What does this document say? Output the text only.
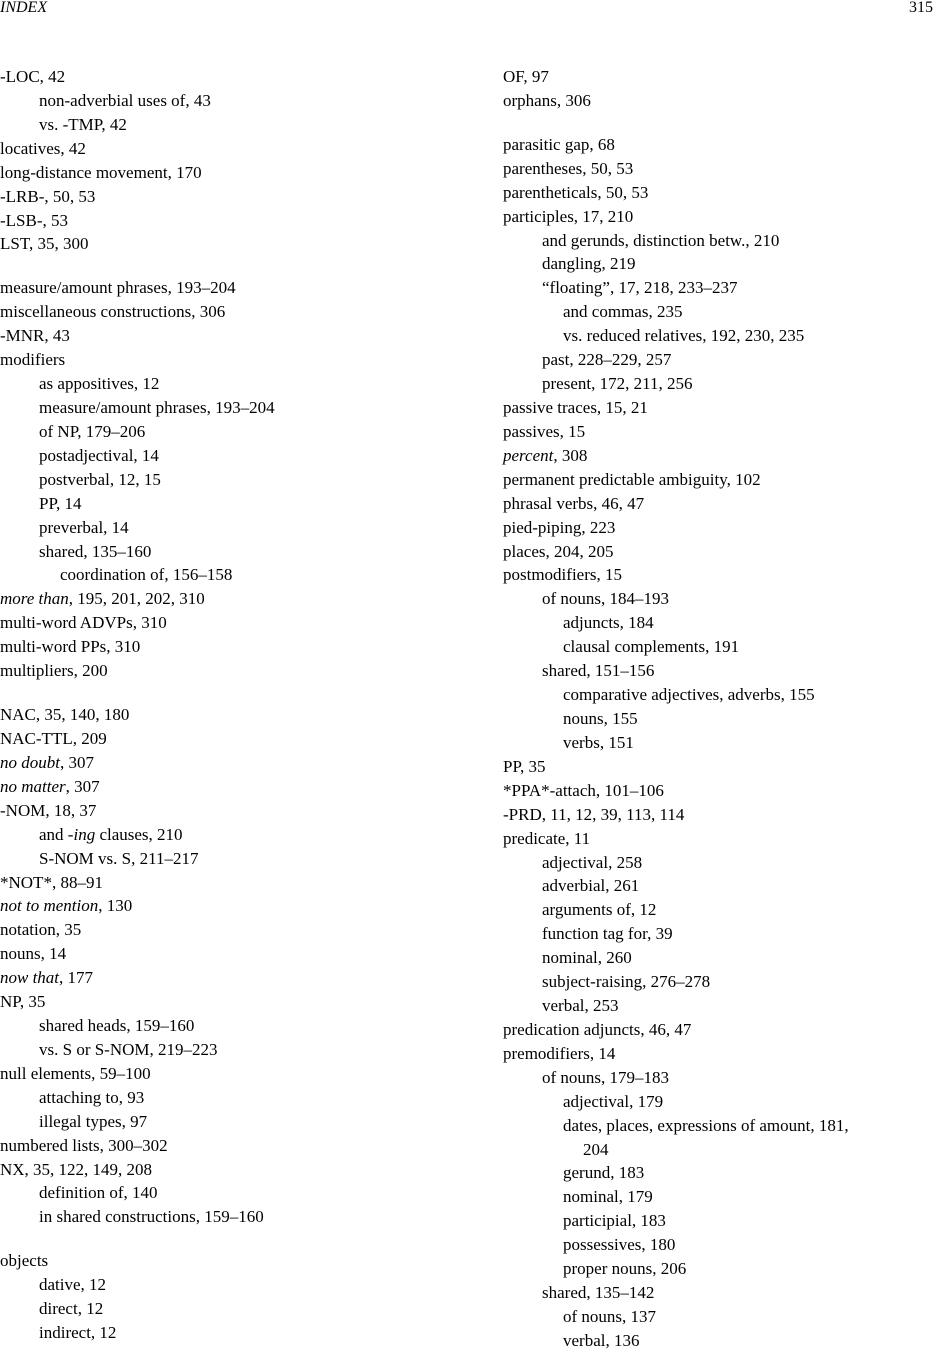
INDEX	315
-LOC, 42
non-adverbial uses of, 43
vs. -TMP, 42
locatives, 42
long-distance movement, 170
-LRB-, 50, 53
-LSB-, 53
LST, 35, 300
measure/amount phrases, 193–204
miscellaneous constructions, 306
-MNR, 43
modifiers
as appositives, 12
measure/amount phrases, 193–204
of NP, 179–206
postadjectival, 14
postverbal, 12, 15
PP, 14
preverbal, 14
shared, 135–160
coordination of, 156–158
more than, 195, 201, 202, 310
multi-word ADVPs, 310
multi-word PPs, 310
multipliers, 200
NAC, 35, 140, 180
NAC-TTL, 209
no doubt, 307
no matter, 307
-NOM, 18, 37
and -ing clauses, 210
S-NOM vs. S, 211–217
*NOT*, 88–91
not to mention, 130
notation, 35
nouns, 14
now that, 177
NP, 35
shared heads, 159–160
vs. S or S-NOM, 219–223
null elements, 59–100
attaching to, 93
illegal types, 97
numbered lists, 300–302
NX, 35, 122, 149, 208
definition of, 140
in shared constructions, 159–160
objects
dative, 12
direct, 12
indirect, 12
OF, 97
orphans, 306
parasitic gap, 68
parentheses, 50, 53
parentheticals, 50, 53
participles, 17, 210
and gerunds, distinction betw., 210
dangling, 219
“floating”, 17, 218, 233–237
and commas, 235
vs. reduced relatives, 192, 230, 235
past, 228–229, 257
present, 172, 211, 256
passive traces, 15, 21
passives, 15
percent, 308
permanent predictable ambiguity, 102
phrasal verbs, 46, 47
pied-piping, 223
places, 204, 205
postmodifiers, 15
of nouns, 184–193
adjuncts, 184
clausal complements, 191
shared, 151–156
comparative adjectives, adverbs, 155
nouns, 155
verbs, 151
PP, 35
*PPA*-attach, 101–106
-PRD, 11, 12, 39, 113, 114
predicate, 11
adjectival, 258
adverbial, 261
arguments of, 12
function tag for, 39
nominal, 260
subject-raising, 276–278
verbal, 253
predication adjuncts, 46, 47
premodifiers, 14
of nouns, 179–183
adjectival, 179
dates, places, expressions of amount, 181,
204
gerund, 183
nominal, 179
participial, 183
possessives, 180
proper nouns, 206
shared, 135–142
of nouns, 137
verbal, 136
